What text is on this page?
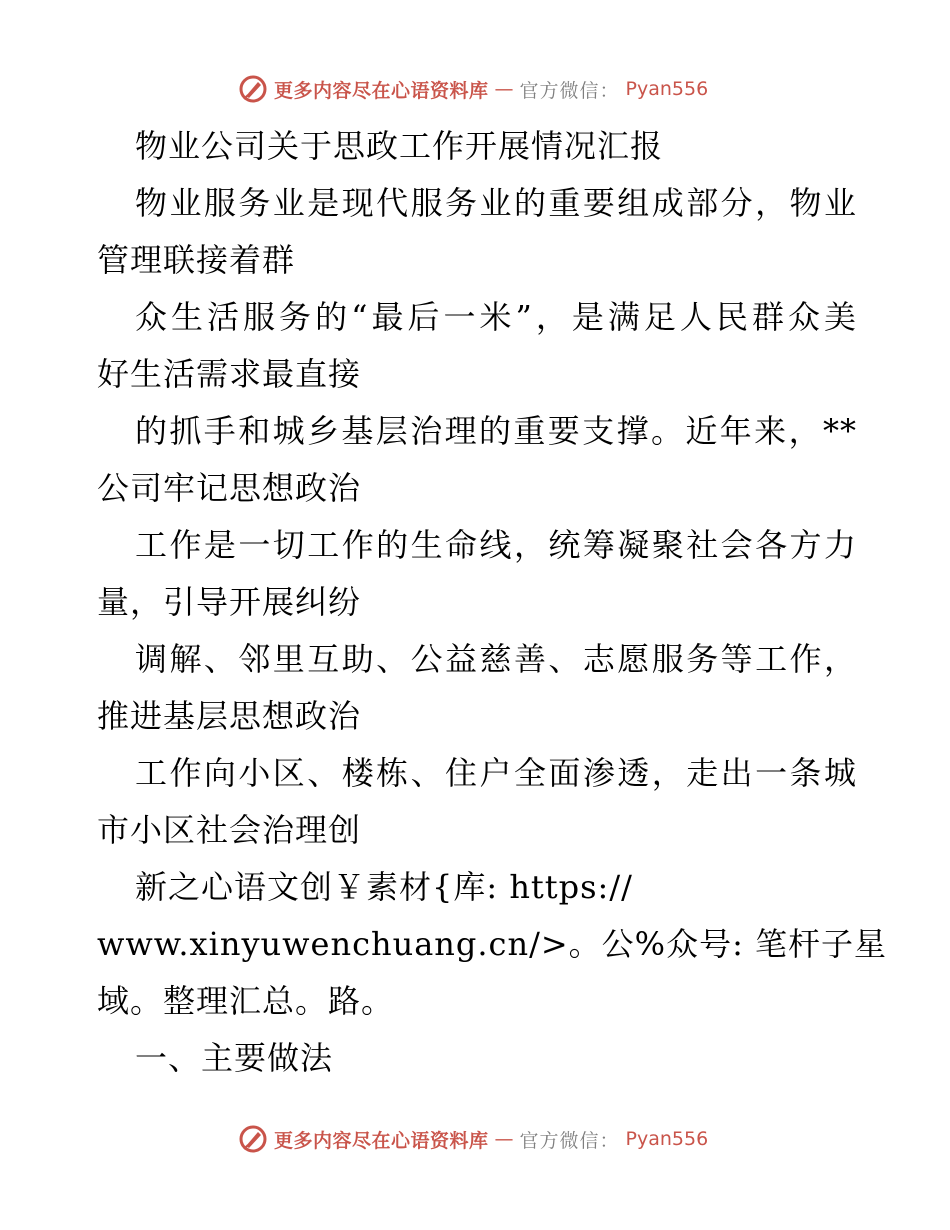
更多内容尽在心语资料库 — 官方微信： Pyan556
物业公司关于思政工作开展情况汇报
物业服务业是现代服务业的重要组成部分，物业
管理联接着群
众生活服务的“最后一米”，是满足人民群众美
好生活需求最直接
的抓手和城乡基层治理的重要支撑。近年来，**
公司牢记思想政治
工作是一切工作的生命线，统筹凝聚社会各方力
量，引导开展纠纷
调解、邻里互助、公益慈善、志愿服务等工作，
推进基层思想政治
工作向小区、楼栋、住户全面渗透，走出一条城
市小区社会治理创
新之心语文创￥素材{库: https://
www.xinyuwenchuang.cn/>。公%众号: 笔杆子星
域。整理汇总。路。
一、主要做法
更多内容尽在心语资料库 — 官方微信： Pyan556
